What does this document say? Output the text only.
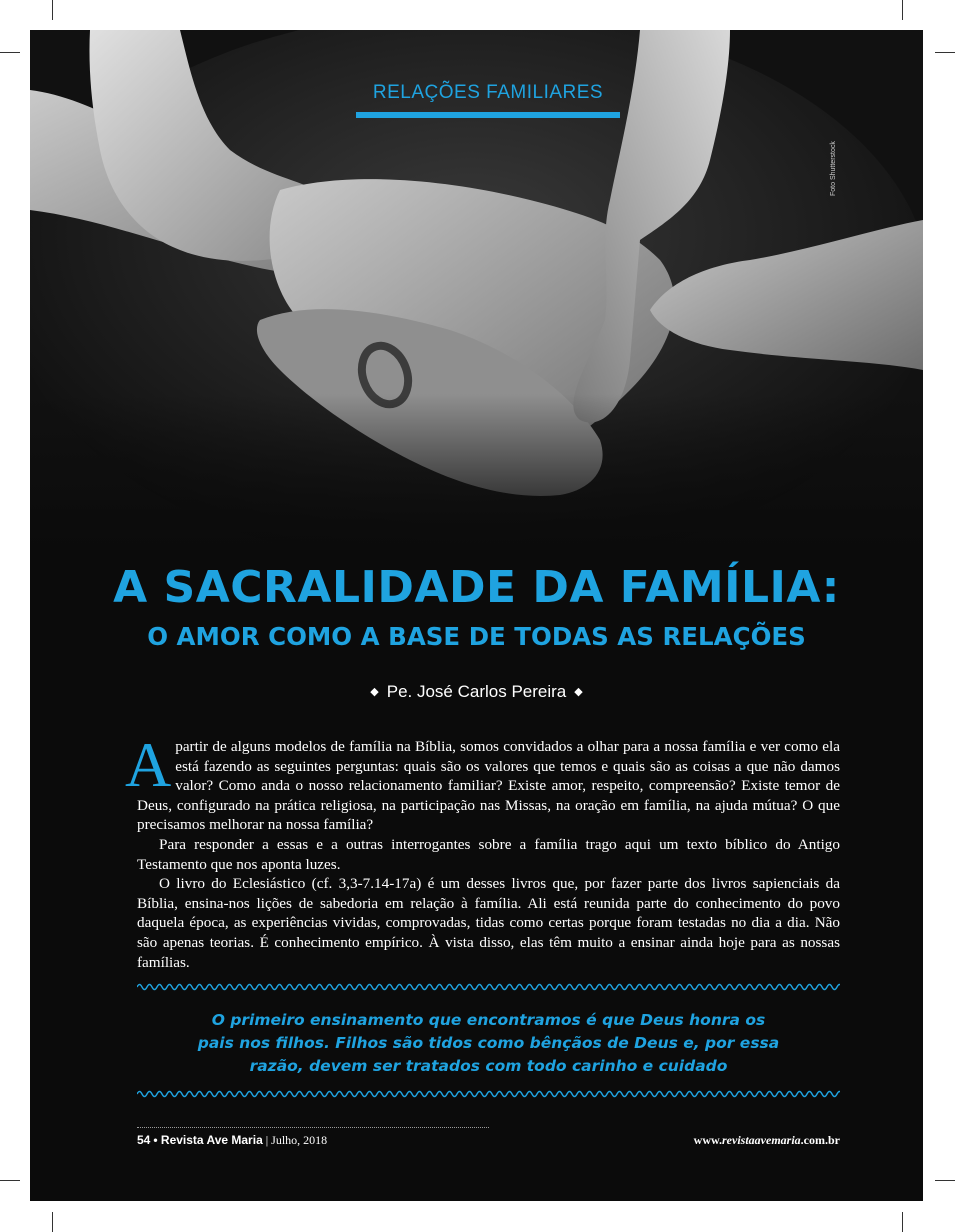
RELAÇÕES FAMILIARES
Foto Shutterstock
A SACRALIDADE DA FAMÍLIA:
O AMOR COMO A BASE DE TODAS AS RELAÇÕES
◆ Pe. José Carlos Pereira ◆

Apartir de alguns modelos de família na Bíblia, somos convidados a olhar para a nossa família e ver como ela está fazendo as seguintes perguntas: quais são os valores que temos e quais são as coisas a que não damos valor? Como anda o nosso relacionamento familiar? Existe amor, respeito, compreensão? Existe temor de Deus, configurado na prática religiosa, na participação nas Missas, na oração em família, na ajuda mútua? O que precisamos melhorar na nossa família?

Para responder a essas e a outras interrogantes sobre a família trago aqui um texto bíblico do Antigo Testamento que nos aponta luzes.

O livro do Eclesiástico (cf. 3,3-7.14-17a) é um desses livros que, por fazer parte dos livros sapienciais da Bíblia, ensina-nos lições de sabedoria em relação à família. Ali está reunida parte do conhecimento do povo daquela época, as experiências vividas, comprovadas, tidas como certas porque foram testadas no dia a dia. Não são apenas teorias. É conhecimento empírico. À vista disso, elas têm muito a ensinar ainda hoje para as nossas famílias.

O primeiro ensinamento que encontramos é que Deus honra os
pais nos filhos. Filhos são tidos como bênçãos de Deus e, por essa
razão, devem ser tratados com todo carinho e cuidado
54 • Revista Ave Maria | Julho, 2018	www.revistaavemaria.com.br
